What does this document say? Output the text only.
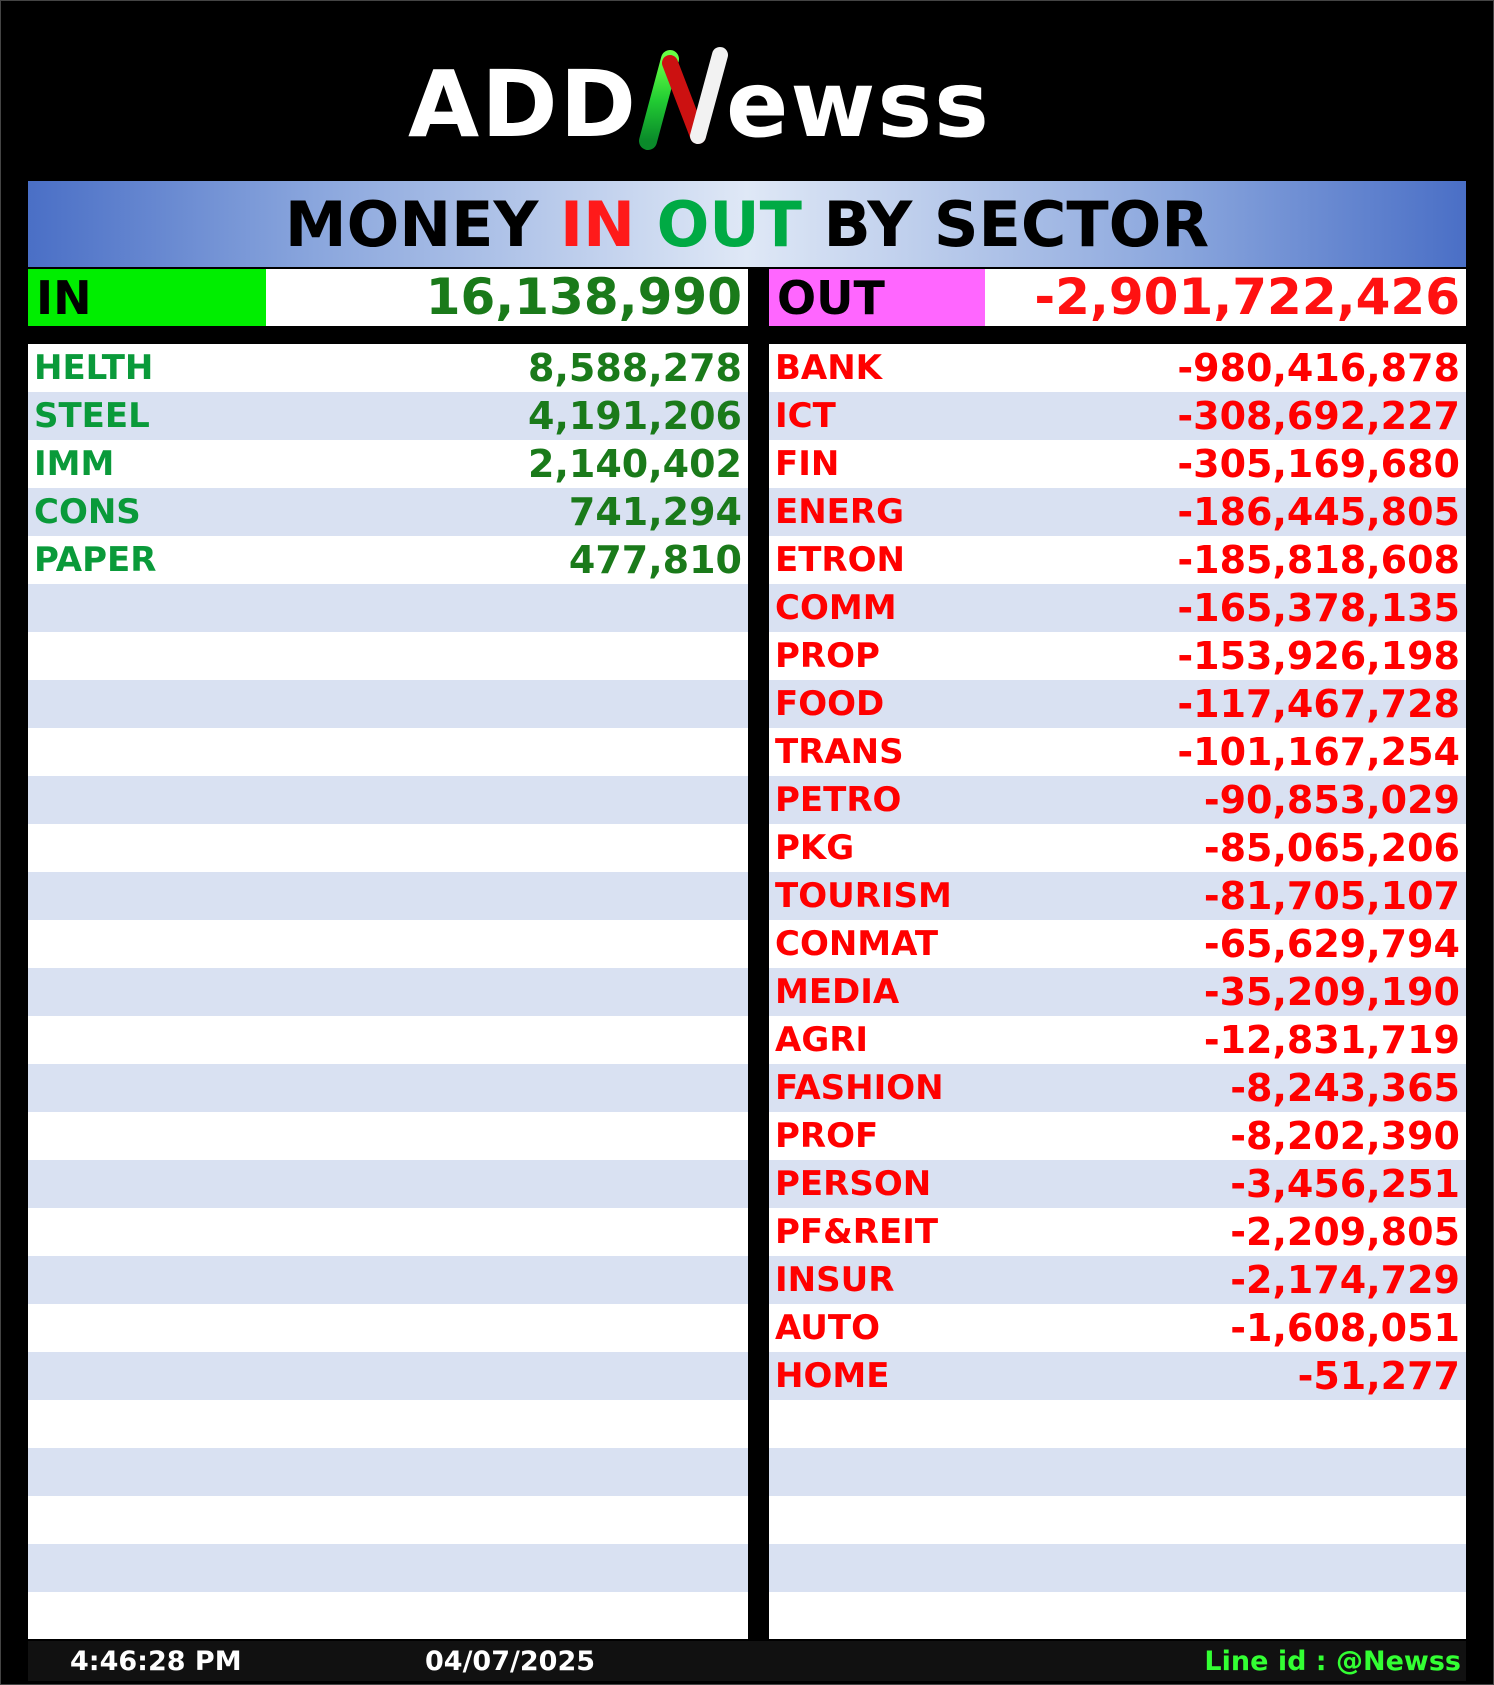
ADD ewss
MONEY IN OUT BY SECTOR
IN	16,138,990 OUT	-2,901,722,426
HELTH	8,588,278
STEEL	4,191,206
IMM	2,140,402
CONS	741,294
PAPER	477,810
BANK	-980,416,878
ICT	-308,692,227
FIN	-305,169,680
ENERG	-186,445,805
ETRON	-185,818,608
COMM	-165,378,135
PROP	-153,926,198
FOOD	-117,467,728
TRANS	-101,167,254
PETRO	-90,853,029
PKG	-85,065,206
TOURISM	-81,705,107
CONMAT	-65,629,794
MEDIA	-35,209,190
AGRI	-12,831,719
FASHION	-8,243,365
PROF	-8,202,390
PERSON	-3,456,251
PF&REIT	-2,209,805
INSUR	-2,174,729
AUTO	-1,608,051
HOME	-51,277
4:46:28 PM	04/07/2025	Line id : @Newss
